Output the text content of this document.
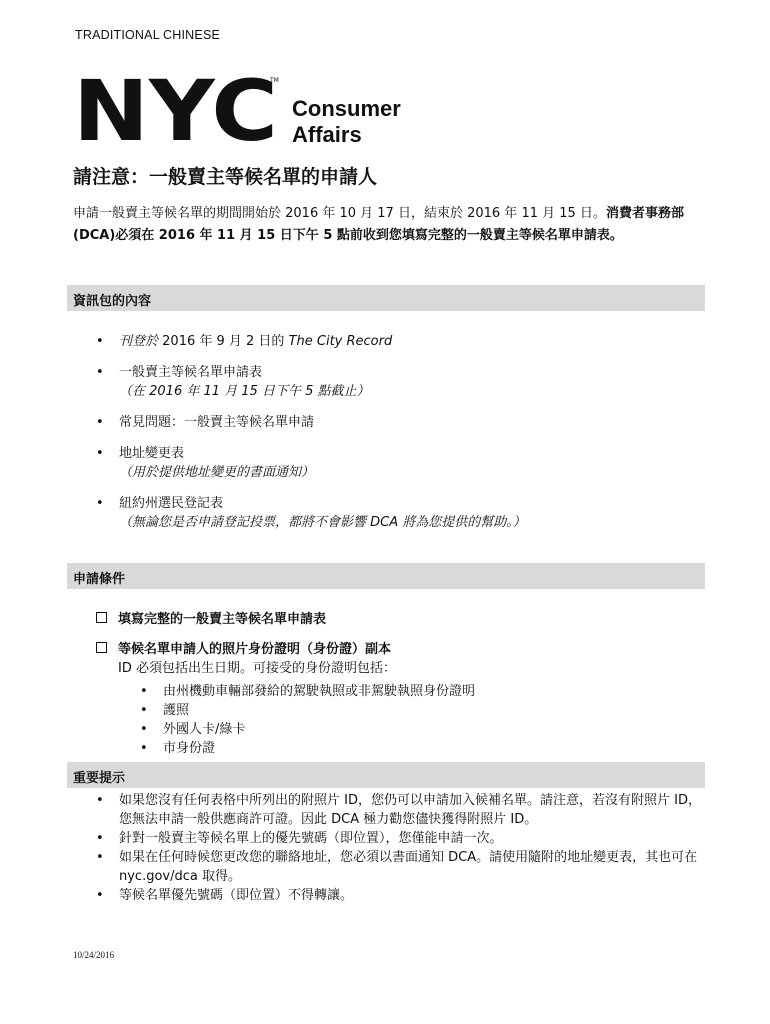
TRADITIONAL CHINESE
NYC
TM
Consumer
Affairs
請注意：一般賣主等候名單的申請人
申請一般賣主等候名單的期間開始於 2016 年 10 月 17 日，結束於 2016 年 11 月 15 日。消費者事務部 (DCA)必須在 2016 年 11 月 15 日下午 5 點前收到您填寫完整的一般賣主等候名單申請表。
資訊包的內容
• 刊登於 2016 年 9 月 2 日的 The City Record
• 一般賣主等候名單申請表
（在 2016 年 11 月 15 日下午 5 點截止）
• 常見問題：一般賣主等候名單申請
• 地址變更表
（用於提供地址變更的書面通知）
• 紐約州選民登記表
（無論您是否申請登記投票，都將不會影響 DCA 將為您提供的幫助。）
申請條件
填寫完整的一般賣主等候名單申請表
等候名單申請人的照片身份證明（身份證）副本
ID 必須包括出生日期。可接受的身份證明包括：
• 由州機動車輛部發給的駕駛執照或非駕駛執照身份證明
• 護照
• 外國人卡/綠卡
• 市身份證
重要提示
• 如果您沒有任何表格中所列出的附照片 ID，您仍可以申請加入候補名單。請注意，若沒有附照片 ID，您無法申請一般供應商許可證。因此 DCA 極力勸您儘快獲得附照片 ID。
• 針對一般賣主等候名單上的優先號碼（即位置），您僅能申請一次。
• 如果在任何時候您更改您的聯絡地址，您必須以書面通知 DCA。請使用隨附的地址變更表，其也可在 nyc.gov/dca 取得。
• 等候名單優先號碼（即位置）不得轉讓。
10/24/2016
